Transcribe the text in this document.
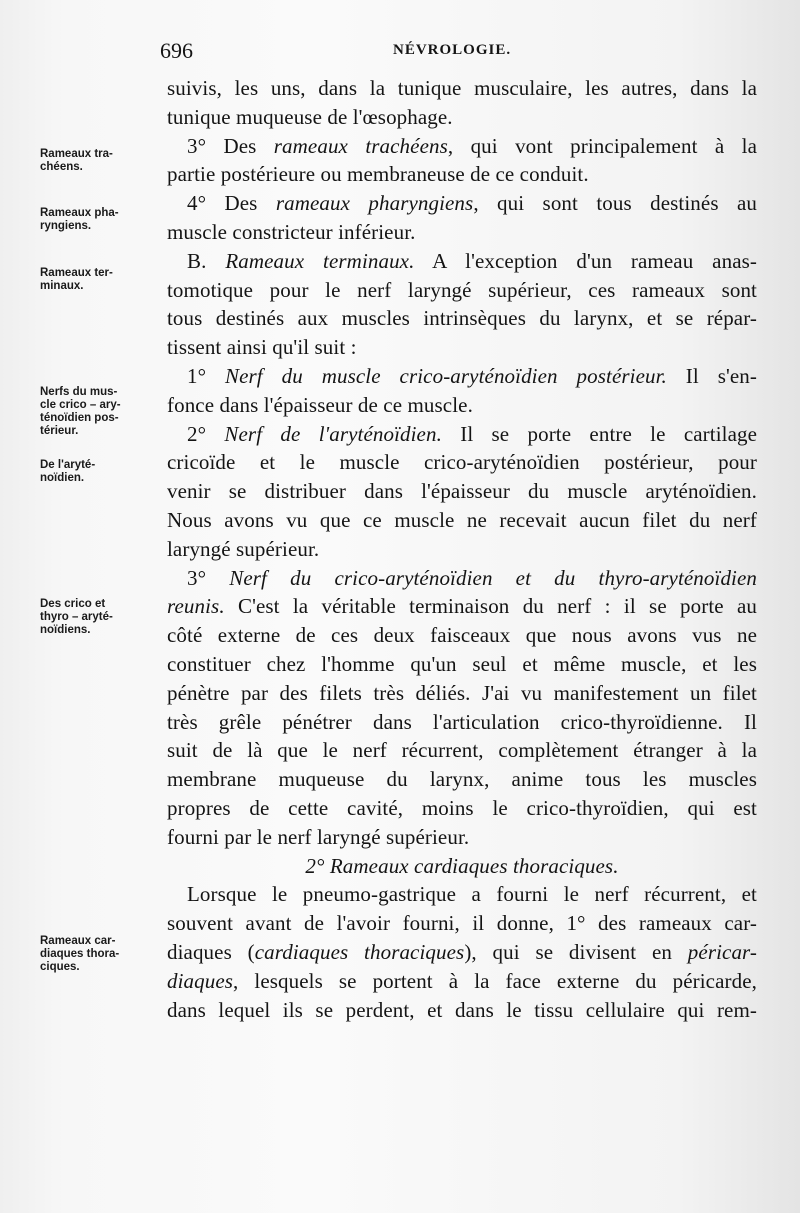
696	NÉVROLOGIE.
Rameaux tra-
chéens.
Rameaux pha-
ryngiens.
Rameaux ter-
minaux.
Nerfs du mus-
cle crico – ary-
ténoïdien pos-
térieur.
De l'aryté-
noïdien.
Des crico et
thyro – aryté-
noïdiens.
Rameaux car-
diaques thora-
ciques.
suivis, les uns, dans la tunique musculaire, les autres, dans la
tunique muqueuse de l'œsophage.
3° Des rameaux trachéens, qui vont principalement à la
partie postérieure ou membraneuse de ce conduit.
4° Des rameaux pharyngiens, qui sont tous destinés au
muscle constricteur inférieur.
B. Rameaux terminaux. A l'exception d'un rameau anas-
tomotique pour le nerf laryngé supérieur, ces rameaux sont
tous destinés aux muscles intrinsèques du larynx, et se répar-
tissent ainsi qu'il suit :
1° Nerf du muscle crico-aryténoïdien postérieur. Il s'en-
fonce dans l'épaisseur de ce muscle.
2° Nerf de l'aryténoïdien. Il se porte entre le cartilage
cricoïde et le muscle crico-aryténoïdien postérieur, pour
venir se distribuer dans l'épaisseur du muscle aryténoïdien.
Nous avons vu que ce muscle ne recevait aucun filet du nerf
laryngé supérieur.
3° Nerf du crico-aryténoïdien et du thyro-aryténoïdien
reunis. C'est la véritable terminaison du nerf : il se porte au
côté externe de ces deux faisceaux que nous avons vus ne
constituer chez l'homme qu'un seul et même muscle, et les
pénètre par des filets très déliés. J'ai vu manifestement un filet
très grêle pénétrer dans l'articulation crico-thyroïdienne. Il
suit de là que le nerf récurrent, complètement étranger à la
membrane muqueuse du larynx, anime tous les muscles
propres de cette cavité, moins le crico-thyroïdien, qui est
fourni par le nerf laryngé supérieur.
2° Rameaux cardiaques thoraciques.
Lorsque le pneumo-gastrique a fourni le nerf récurrent, et
souvent avant de l'avoir fourni, il donne, 1° des rameaux car-
diaques (cardiaques thoraciques), qui se divisent en péricar-
diaques, lesquels se portent à la face externe du péricarde,
dans lequel ils se perdent, et dans le tissu cellulaire qui rem-
